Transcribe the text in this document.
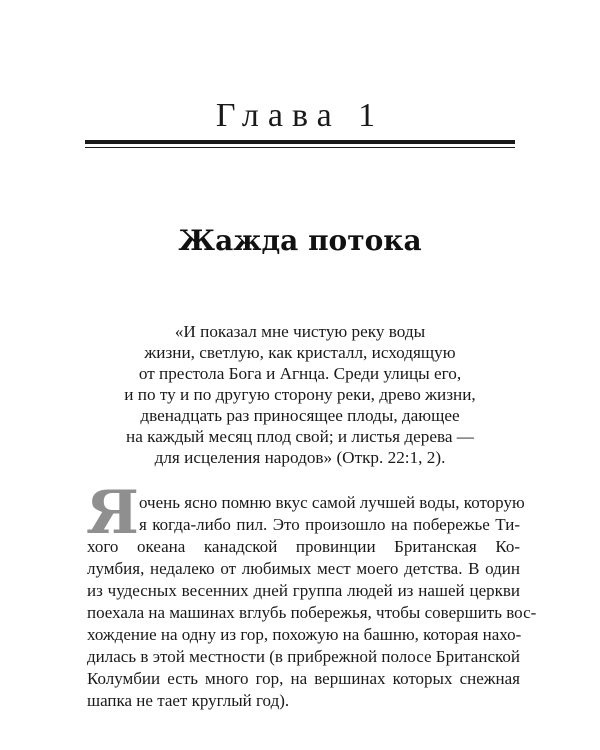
Глава 1
Жажда потока
«И показал мне чистую реку воды
жизни, светлую, как кристалл, исходящую
от престола Бога и Агнца. Среди улицы его,
и по ту и по другую сторону реки, древо жизни,
двенадцать раз приносящее плоды, дающее
на каждый месяц плод свой; и листья дерева —
для исцеления народов» (Откр. 22:1, 2).
Я очень ясно помню вкус самой лучшей воды, которую
я когда-либо пил. Это произошло на побережье Ти-
хого океана канадской провинции Британская Ко-
лумбия, недалеко от любимых мест моего детства. В один
из чудесных весенних дней группа людей из нашей церкви
поехала на машинах вглубь побережья, чтобы совершить вос-
хождение на одну из гор, похожую на башню, которая нахо-
дилась в этой местности (в прибрежной полосе Британской
Колумбии есть много гор, на вершинах которых снежная
шапка не тает круглый год).
